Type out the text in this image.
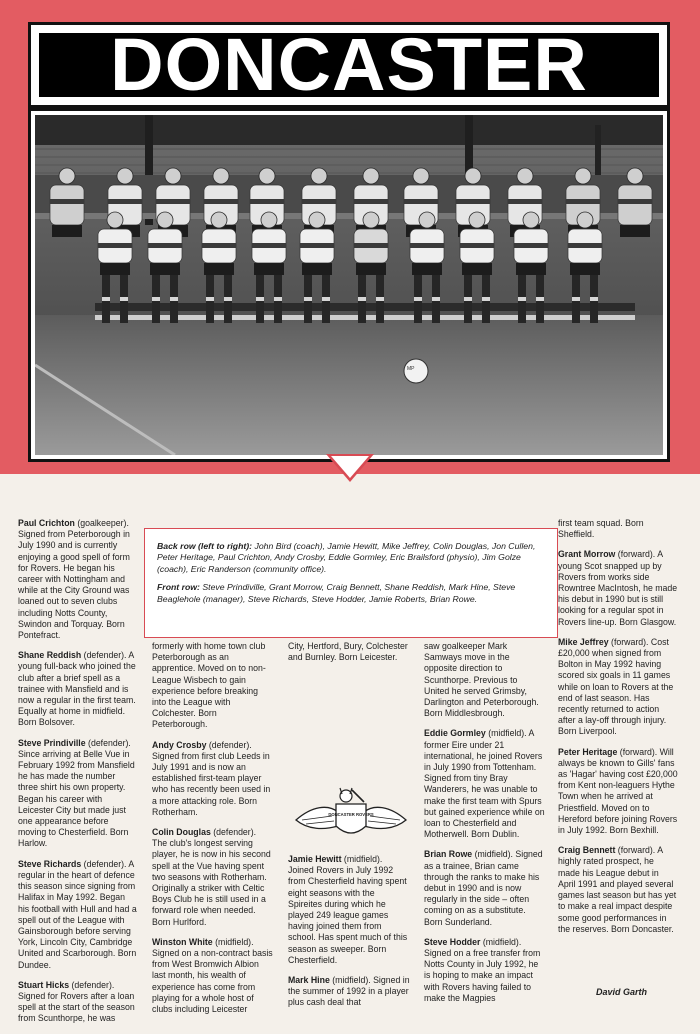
DONCASTER
MP

Back row (left to right): John Bird (coach), Jamie Hewitt, Mike Jeffrey, Colin Douglas, Jon Cullen, Peter Heritage, Paul Crichton, Andy Crosby, Eddie Gormley, Eric Brailsford (physio), Jim Golze (coach), Eric Randerson (community office).

Front row: Steve Prindiville, Grant Morrow, Craig Bennett, Shane Reddish, Mark Hine, Steve Beaglehole (manager), Steve Richards, Steve Hodder, Jamie Roberts, Brian Rowe.

Paul Crichton (goalkeeper). Signed from Peterborough in July 1990 and is currently enjoying a good spell of form for Rovers. He began his career with Nottingham and while at the City Ground was loaned out to seven clubs including Notts County, Swindon and Torquay. Born Pontefract.

Shane Reddish (defender). A young full-back who joined the club after a brief spell as a trainee with Mansfield and is now a regular in the first team. Equally at home in midfield. Born Bolsover.

Steve Prindiville (defender). Since arriving at Belle Vue in February 1992 from Mansfield he has made the number three shirt his own property. Began his career with Leicester City but made just one appearance before moving to Chesterfield. Born Harlow.

Steve Richards (defender). A regular in the heart of defence this season since signing from Halifax in May 1992. Began his football with Hull and had a spell out of the League with Gainsborough before serving York, Lincoln City, Cambridge United and Scarborough. Born Dundee.

Stuart Hicks (defender). Signed for Rovers after a loan spell at the start of the season from Scunthorpe, he was

formerly with home town club Peterborough as an apprentice. Moved on to non-League Wisbech to gain experience before breaking into the League with Colchester. Born Peterborough.

Andy Crosby (defender). Signed from first club Leeds in July 1991 and is now an established first-team player who has recently been used in a more attacking role. Born Rotherham.

Colin Douglas (defender). The club's longest serving player, he is now in his second spell at the Vue having spent two seasons with Rotherham. Originally a striker with Celtic Boys Club he is still used in a forward role when needed. Born Hurlford.

Winston White (midfield). Signed on a non-contract basis from West Bromwich Albion last month, his wealth of experience has come from playing for a whole host of clubs including Leicester

City, Hertford, Bury, Colchester and Burnley. Born Leicester.

Jamie Hewitt (midfield). Joined Rovers in July 1992 from Chesterfield having spent eight seasons with the Spireites during which he played 249 league games having joined them from school. Has spent much of this season as sweeper. Born Chesterfield.

Mark Hine (midfield). Signed in the summer of 1992 in a player plus cash deal that

saw goalkeeper Mark Samways move in the opposite direction to Scunthorpe. Previous to United he served Grimsby, Darlington and Peterborough. Born Middlesbrough.

Eddie Gormley (midfield). A former Eire under 21 international, he joined Rovers in July 1990 from Tottenham. Signed from tiny Bray Wanderers, he was unable to make the first team with Spurs but gained experience while on loan to Chesterfield and Motherwell. Born Dublin.

Brian Rowe (midfield). Signed as a trainee, Brian came through the ranks to make his debut in 1990 and is now regularly in the side – often coming on as a substitute. Born Sunderland.

Steve Hodder (midfield). Signed on a free transfer from Notts County in July 1992, he is hoping to make an impact with Rovers having failed to make the Magpies

first team squad. Born Sheffield.

Grant Morrow (forward). A young Scot snapped up by Rovers from works side Rowntree MacIntosh, he made his debut in 1990 but is still looking for a regular spot in Rovers line-up. Born Glasgow.

Mike Jeffrey (forward). Cost £20,000 when signed from Bolton in May 1992 having scored six goals in 11 games while on loan to Rovers at the end of last season. Has recently returned to action after a lay-off through injury. Born Liverpool.

Peter Heritage (forward). Will always be known to Gills' fans as 'Hagar' having cost £20,000 from Kent non-leaguers Hythe Town when he arrived at Priestfield. Moved on to Hereford before joining Rovers in July 1992. Born Bexhill.

Craig Bennett (forward). A highly rated prospect, he made his League debut in April 1991 and played several games last season but has yet to make a real impact despite some good performances in the reserves. Born Doncaster.

DONCASTER ROVERS
David Garth
